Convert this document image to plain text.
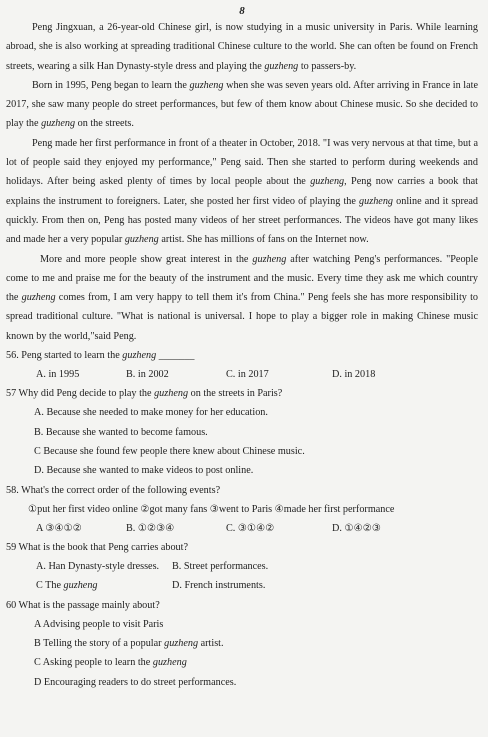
8

Peng Jingxuan, a 26-year-old Chinese girl, is now studying in a music university in Paris. While learning abroad, she is also working at spreading traditional Chinese culture to the world. She can often be found on French streets, wearing a silk Han Dynasty-style dress and playing the guzheng to passers-by.

Born in 1995, Peng began to learn the guzheng when she was seven years old. After arriving in France in late 2017, she saw many people do street performances, but few of them know about Chinese music. So she decided to play the guzheng on the streets.

Peng made her first performance in front of a theater in October, 2018. "I was very nervous at that time, but a lot of people said they enjoyed my performance," Peng said. Then she started to perform during weekends and holidays. After being asked plenty of times by local people about the guzheng, Peng now carries a book that explains the instrument to foreigners. Later, she posted her first video of playing the guzheng online and it spread quickly. From then on, Peng has posted many videos of her street performances. The videos have got many likes and made her a very popular guzheng artist. She has millions of fans on the Internet now.

More and more people show great interest in the guzheng after watching Peng's performances. "People come to me and praise me for the beauty of the instrument and the music. Every time they ask me which country the guzheng comes from, I am very happy to tell them it's from China." Peng feels she has more responsibility to spread traditional culture. "What is national is universal. I hope to play a bigger role in making Chinese music known by the world,"said Peng.

56. Peng started to learn the guzheng _______

A. in 1995	B. in 2002	C. in 2017	D. in 2018

57 Why did Peng decide to play the guzheng on the streets in Paris?

A. Because she needed to make money for her education.
B. Because she wanted to become famous.
C Because she found few people there knew about Chinese music.
D. Because she wanted to make videos to post online.

58. What's the correct order of the following events?

①put her first video online ②got many fans ③went to Paris ④made her first performance
A ③④①②	B. ①②③④	C. ③①④②	D. ①④②③

59 What is the book that Peng carries about?

A. Han Dynasty-style dresses.	B. Street performances.
C The guzheng	D. French instruments.

60 What is the passage mainly about?

A Advising people to visit Paris
B Telling the story of a popular guzheng artist.
C Asking people to learn the guzheng
D Encouraging readers to do street performances.
